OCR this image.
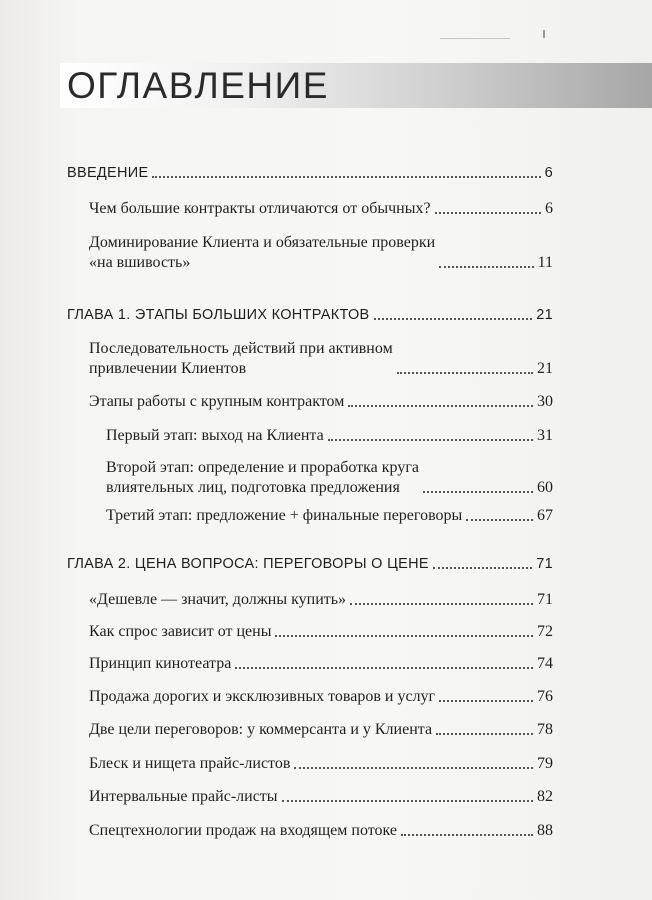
ОГЛАВЛЕНИЕ
ВВЕДЕНИЕ	6
Чем большие контракты отличаются от обычных?	6
Доминирование Клиента и обязательные проверки
«на вшивость»	11
ГЛАВА 1. ЭТАПЫ БОЛЬШИХ КОНТРАКТОВ	21
Последовательность действий при активном
привлечении Клиентов	21
Этапы работы с крупным контрактом	30
Первый этап: выход на Клиента	31
Второй этап: определение и проработка круга
влиятельных лиц, подготовка предложения	60
Третий этап: предложение + финальные переговоры	67
ГЛАВА 2. ЦЕНА ВОПРОСА: ПЕРЕГОВОРЫ О ЦЕНЕ	71
«Дешевле — значит, должны купить»	71
Как спрос зависит от цены	72
Принцип кинотеатра	74
Продажа дорогих и эксклюзивных товаров и услуг	76
Две цели переговоров: у коммерсанта и у Клиента	78
Блеск и нищета прайс-листов	79
Интервальные прайс-листы	82
Спецтехнологии продаж на входящем потоке	88
